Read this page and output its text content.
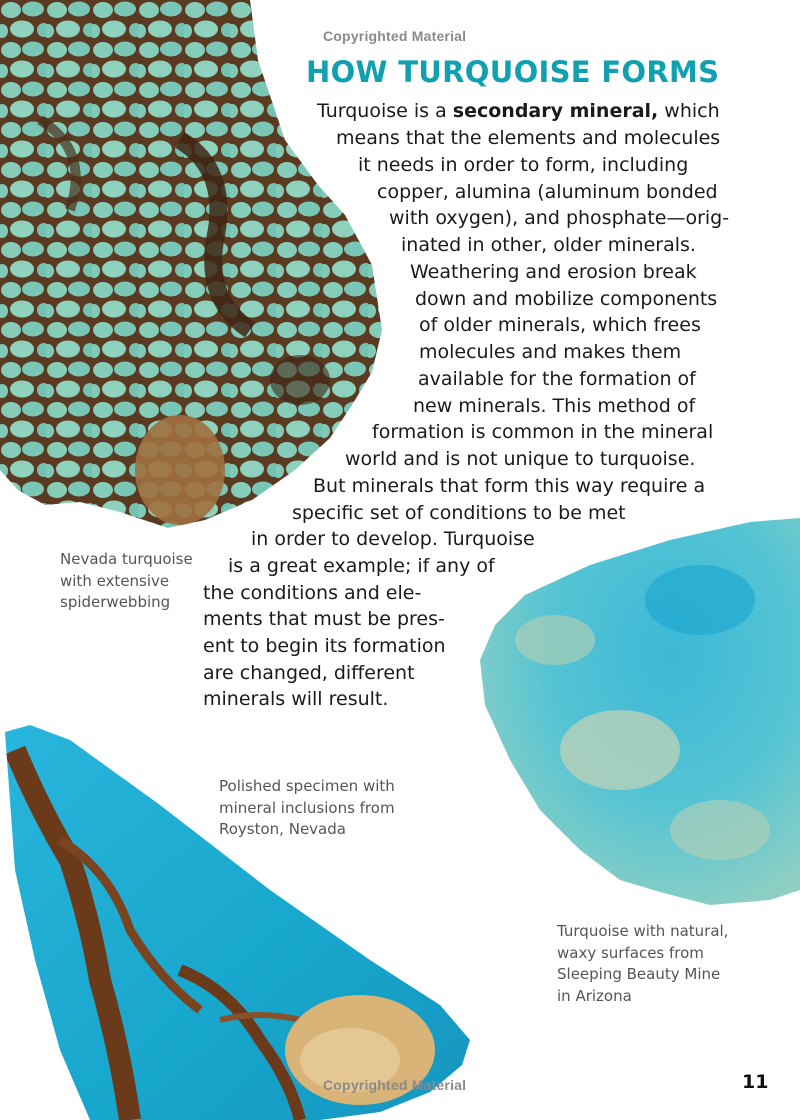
Copyrighted Material
Copyrighted Material
HOW TURQUOISE FORMS
Turquoise is a secondary mineral, which
means that the elements and molecules
it needs in order to form, including
copper, alumina (aluminum bonded
with oxygen), and phosphate—orig-
inated in other, older minerals.
Weathering and erosion break
down and mobilize components
of older minerals, which frees
molecules and makes them
available for the formation of
new minerals. This method of
formation is common in the mineral
world and is not unique to turquoise.
But minerals that form this way require a
specific set of conditions to be met
in order to develop. Turquoise
is a great example; if any of
the conditions and ele-
ments that must be pres-
ent to begin its formation
are changed, different
minerals will result.
Nevada turquoise
with extensive
spiderwebbing
Polished specimen with
mineral inclusions from
Royston, Nevada
Turquoise with natural,
waxy surfaces from
Sleeping Beauty Mine
in Arizona
11
